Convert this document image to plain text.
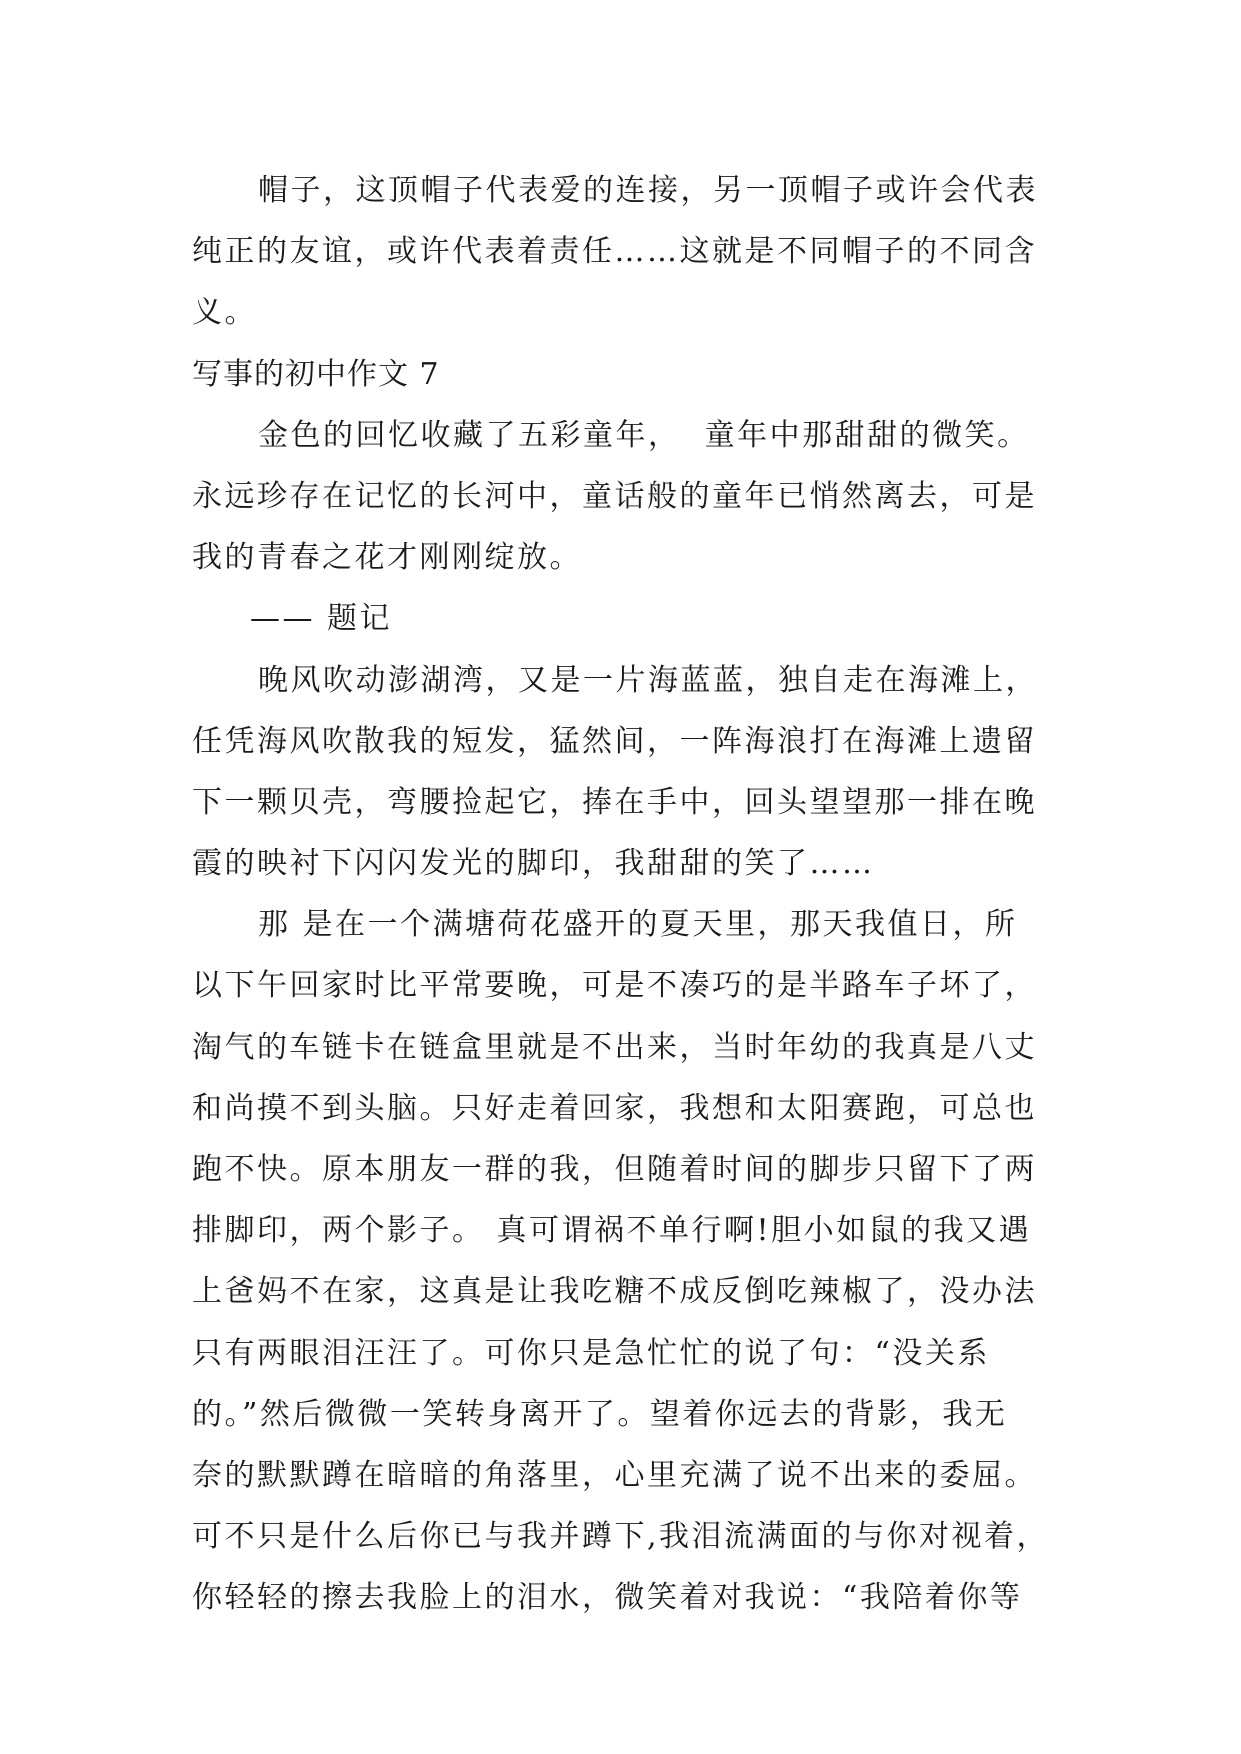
帽子，这顶帽子代表爱的连接，另一顶帽子或许会代表
纯正的友谊，或许代表着责任……这就是不同帽子的不同含
义。
写事的初中作文 7
金色的回忆收藏了五彩童年，  童年中那甜甜的微笑。
永远珍存在记忆的长河中，童话般的童年已悄然离去，可是
我的青春之花才刚刚绽放。
—— 题记
晚风吹动澎湖湾，又是一片海蓝蓝，独自走在海滩上，
任凭海风吹散我的短发，猛然间，一阵海浪打在海滩上遗留
下一颗贝壳，弯腰捡起它，捧在手中，回头望望那一排在晚
霞的映衬下闪闪发光的脚印，我甜甜的笑了……
那 是在一个满塘荷花盛开的夏天里，那天我值日，所
以下午回家时比平常要晚，可是不凑巧的是半路车子坏了，
淘气的车链卡在链盒里就是不出来，当时年幼的我真是八丈
和尚摸不到头脑。只好走着回家，我想和太阳赛跑，可总也
跑不快。原本朋友一群的我，但随着时间的脚步只留下了两
排脚印，两个影子。 真可谓祸不单行啊!胆小如鼠的我又遇
上爸妈不在家，这真是让我吃糖不成反倒吃辣椒了，没办法
只有两眼泪汪汪了。可你只是急忙忙的说了句：“没关系
的。”然后微微一笑转身离开了。望着你远去的背影，我无
奈的默默蹲在暗暗的角落里，心里充满了说不出来的委屈。
可不只是什么后你已与我并蹲下,我泪流满面的与你对视着，
你轻轻的擦去我脸上的泪水，微笑着对我说：“我陪着你等
